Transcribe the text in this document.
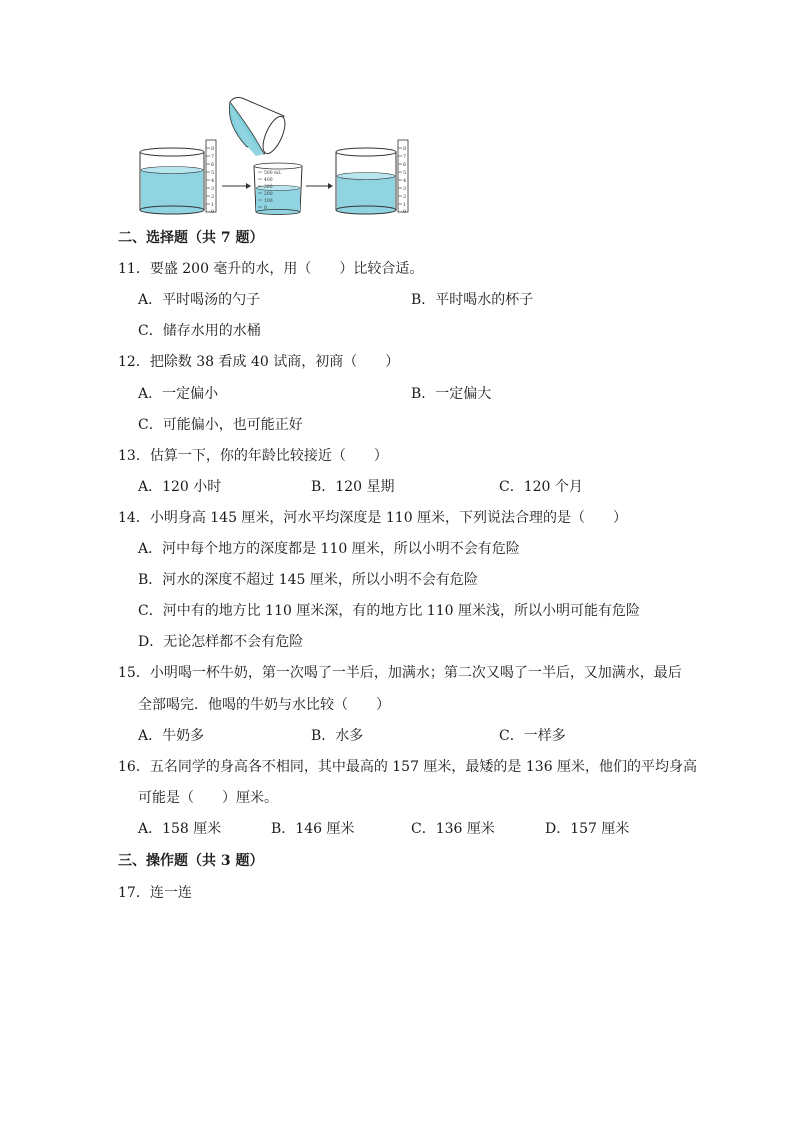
8
7
6
5
4
3
2
1
0
500 mL
400
300
200
100
0
8
7
6
5
4
3
2
1
0
二、选择题（共 7 题）
11．要盛 200 毫升的水，用（　　）比较合适。
A．平时喝汤的勺子	B．平时喝水的杯子
C．储存水用的水桶
12．把除数 38 看成 40 试商，初商（　　）
A．一定偏小	B．一定偏大
C．可能偏小，也可能正好
13．估算一下，你的年龄比较接近（　　）
A．120 小时	B．120 星期	C．120 个月
14．小明身高 145 厘米，河水平均深度是 110 厘米，下列说法合理的是（　　）
A．河中每个地方的深度都是 110 厘米，所以小明不会有危险
B．河水的深度不超过 145 厘米，所以小明不会有危险
C．河中有的地方比 110 厘米深，有的地方比 110 厘米浅，所以小明可能有危险
D．无论怎样都不会有危险
15．小明喝一杯牛奶，第一次喝了一半后，加满水；第二次又喝了一半后，又加满水，最后
全部喝完．他喝的牛奶与水比较（　　）
A．牛奶多	B．水多	C．一样多
16．五名同学的身高各不相同，其中最高的 157 厘米，最矮的是 136 厘米，他们的平均身高
可能是（　　）厘米。
A．158 厘米	B．146 厘米	C．136 厘米	D．157 厘米
三、操作题（共 3 题）
17．连一连
